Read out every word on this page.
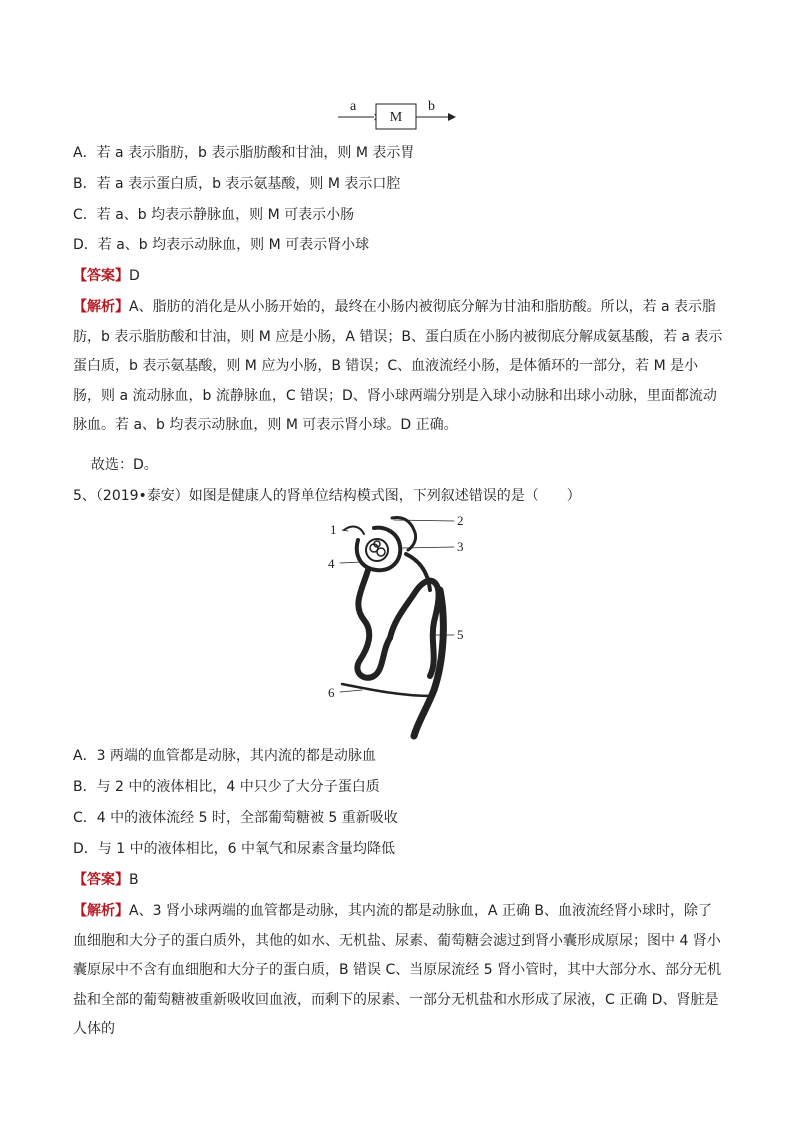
a
M
b
A．若 a 表示脂肪，b 表示脂肪酸和甘油，则 M 表示胃
B．若 a 表示蛋白质，b 表示氨基酸，则 M 表示口腔
C．若 a、b 均表示静脉血，则 M 可表示小肠
D．若 a、b 均表示动脉血，则 M 可表示肾小球
【答案】D
【解析】A、脂肪的消化是从小肠开始的，最终在小肠内被彻底分解为甘油和脂肪酸。所以，若 a 表示脂肪，b 表示脂肪酸和甘油，则 M 应是小肠，A 错误；B、蛋白质在小肠内被彻底分解成氨基酸，若 a 表示蛋白质，b 表示氨基酸，则 M 应为小肠，B 错误；C、血液流经小肠，是体循环的一部分，若 M 是小肠，则 a 流动脉血，b 流静脉血，C 错误；D、肾小球两端分别是入球小动脉和出球小动脉，里面都流动脉血。若 a、b 均表示动脉血，则 M 可表示肾小球。D 正确。
故选：D。
5、（2019•泰安）如图是健康人的肾单位结构模式图，下列叙述错误的是（　　）
1
2
3
4
5
6
A．3 两端的血管都是动脉，其内流的都是动脉血
B．与 2 中的液体相比，4 中只少了大分子蛋白质
C．4 中的液体流经 5 时，全部葡萄糖被 5 重新吸收
D．与 1 中的液体相比，6 中氧气和尿素含量均降低
【答案】B
【解析】A、3 肾小球两端的血管都是动脉，其内流的都是动脉血，A 正确 B、血液流经肾小球时，除了血细胞和大分子的蛋白质外，其他的如水、无机盐、尿素、葡萄糖会滤过到肾小囊形成原尿；图中 4 肾小囊原尿中不含有血细胞和大分子的蛋白质，B 错误 C、当原尿流经 5 肾小管时，其中大部分水、部分无机盐和全部的葡萄糖被重新吸收回血液，而剩下的尿素、一部分无机盐和水形成了尿液，C 正确 D、肾脏是人体的
